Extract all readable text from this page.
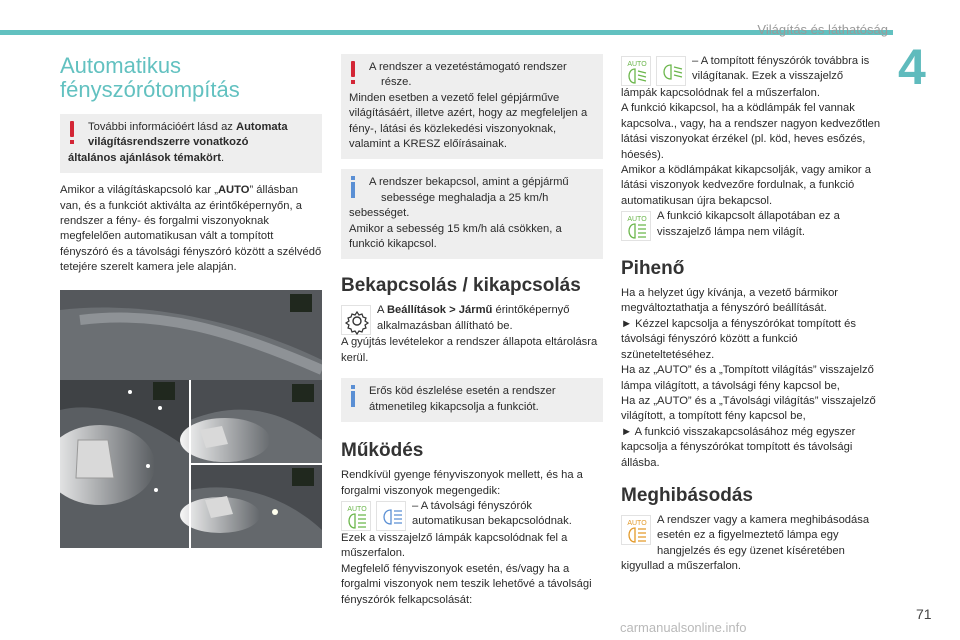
Világítás és láthatóság
4
Automatikus
fényszórótompítás
További információért lásd az Automata
világításrendszerre vonatkozó
általános ajánlások témakört.

Amikor a világításkapcsoló kar „AUTO” állásban van, és a funkciót aktiválta az érintőképernyőn, a rendszer a fény- és forgalmi viszonyoknak megfelelően automatikusan vált a tompított fényszóró és a távolsági fényszóró között a szélvédő tetejére szerelt kamera jele alapján.

A rendszer a vezetéstámogató rendszer
része.
Minden esetben a vezető felel gépjárműve világításáért, illetve azért, hogy az megfeleljen a fény-, látási és közlekedési viszonyoknak, valamint a KRESZ előírásainak.
A rendszer bekapcsol, amint a gépjármű
sebessége meghaladja a 25 km/h
sebességet.
Amikor a sebesség 15 km/h alá csökken, a funkció kikapcsol.
Bekapcsolás / kikapcsolás
A Beállítások > Jármű érintőképernyő alkalmazásban állítható be.

A gyújtás levételekor a rendszer állapota eltárolásra kerül.

Erős köd észlelése esetén a rendszer átmenetileg kikapcsolja a funkciót.
Működés

Rendkívül gyenge fényviszonyok mellett, és ha a forgalmi viszonyok megengedik:

AUTO	– A távolsági fényszórók automatikusan bekapcsolódnak.

Ezek a visszajelző lámpák kapcsolódnak fel a műszerfalon.

Megfelelő fényviszonyok esetén, és/vagy ha a forgalmi viszonyok nem teszik lehetővé a távolsági fényszórók felkapcsolását:

AUTO	– A tompított fényszórók továbbra is világítanak. Ezek a visszajelző

lámpák kapcsolódnak fel a műszerfalon.

A funkció kikapcsol, ha a ködlámpák fel vannak kapcsolva., vagy, ha a rendszer nagyon kedvezőtlen látási viszonyokat érzékel (pl. köd, heves esőzés, hóesés).

Amikor a ködlámpákat kikapcsolják, vagy amikor a látási viszonyok kedvezőre fordulnak, a funkció automatikusan újra bekapcsol.

AUTO A funkció kikapcsolt állapotában ez a visszajelző lámpa nem világít.
Pihenő

Ha a helyzet úgy kívánja, a vezető bármikor megváltoztathatja a fényszóró beállítását.

► Kézzel kapcsolja a fényszórókat tompított és távolsági fényszóró között a funkció szüneteltetéséhez.

Ha az „AUTO” és a „Tompított világítás” visszajelző lámpa világított, a távolsági fény kapcsol be,

Ha az „AUTO” és a „Távolsági világítás” visszajelző világított, a tompított fény kapcsol be,

► A funkció visszakapcsolásához még egyszer kapcsolja a fényszórókat tompított és távolsági állásba.

Meghibásodás
AUTO A rendszer vagy a kamera meghibásodása esetén ez a figyelmeztető lámpa egy hangjelzés és egy üzenet kíséretében kigyullad a műszerfalon.
71
carmanualsonline.info
